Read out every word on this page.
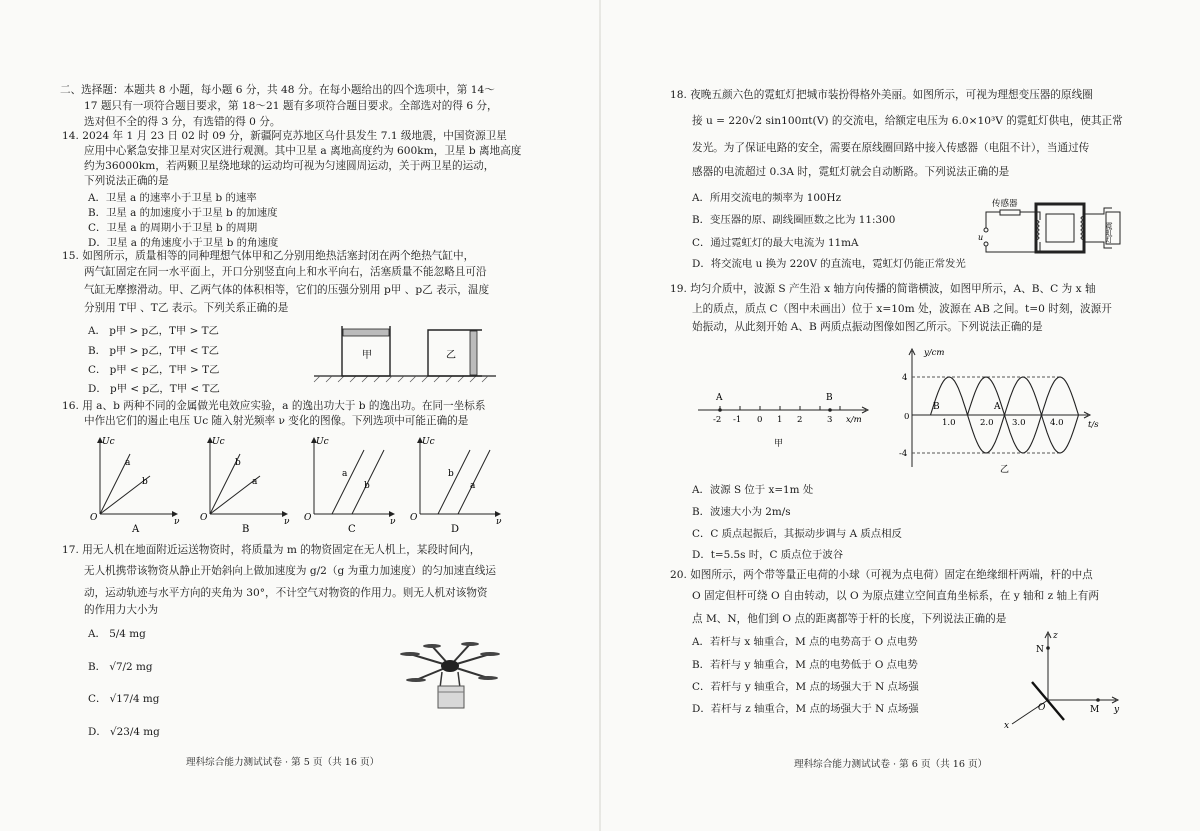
二、选择题：本题共 8 小题，每小题 6 分，共 48 分。在每小题给出的四个选项中，第 14～
17 题只有一项符合题目要求，第 18～21 题有多项符合题目要求。全部选对的得 6 分，
选对但不全的得 3 分，有选错的得 0 分。
14. 2024 年 1 月 23 日 02 时 09 分，新疆阿克苏地区乌什县发生 7.1 级地震，中国资源卫星
应用中心紧急安排卫星对灾区进行观测。其中卫星 a 离地高度约为 600km，卫星 b 离地高度
约为36000km，若两颗卫星绕地球的运动均可视为匀速圆周运动，关于两卫星的运动，
下列说法正确的是
A．卫星 a 的速率小于卫星 b 的速率
B．卫星 a 的加速度小于卫星 b 的加速度
C．卫星 a 的周期小于卫星 b 的周期
D．卫星 a 的角速度小于卫星 b 的角速度
15. 如图所示，质量相等的同种理想气体甲和乙分别用绝热活塞封闭在两个绝热气缸中，
两气缸固定在同一水平面上，开口分别竖直向上和水平向右，活塞质量不能忽略且可沿
气缸无摩擦滑动。甲、乙两气体的体积相等，它们的压强分别用 p甲 、p乙 表示，温度
分别用 T甲 、T乙 表示。下列关系正确的是
A． p甲 > p乙，T甲 > T乙
B． p甲 > p乙，T甲 < T乙
C． p甲 < p乙，T甲 > T乙
D． p甲 < p乙，T甲 < T乙
甲	乙
16. 用 a、b 两种不同的金属做光电效应实验，a 的逸出功大于 b 的逸出功。在同一坐标系
中作出它们的遏止电压 Uc 随入射光频率 ν 变化的图像。下列选项中可能正确的是
Uc
O	ν
a
b
A
Uc
O	ν
b
a
B
Uc
O	ν
a
b
C
Uc
O	ν
b
a
D
17. 用无人机在地面附近运送物资时，将质量为 m 的物资固定在无人机上，某段时间内，
无人机携带该物资从静止开始斜向上做加速度为 g/2（g 为重力加速度）的匀加速直线运
动，运动轨迹与水平方向的夹角为 30°，不计空气对物资的作用力。则无人机对该物资
的作用力大小为
A． 5/4 mg
B． √7/2 mg
C． √17/4 mg
D． √23/4 mg
理科综合能力测试试卷 · 第 5 页（共 16 页）
18. 夜晚五颜六色的霓虹灯把城市装扮得格外美丽。如图所示，可视为理想变压器的原线圈
接 u = 220√2 sin100πt(V) 的交流电，给额定电压为 6.0×10³V 的霓虹灯供电，使其正常
发光。为了保证电路的安全，需要在原线圈回路中接入传感器（电阻不计），当通过传
感器的电流超过 0.3A 时，霓虹灯就会自动断路。下列说法正确的是
A．所用交流电的频率为 100Hz
B．变压器的原、副线圈匝数之比为 11:300
C．通过霓虹灯的最大电流为 11mA
D．将交流电 u 换为 220V 的直流电，霓虹灯仍能正常发光
传感器
u	霓虹灯
19. 均匀介质中，波源 S 产生沿 x 轴方向传播的简谐横波，如图甲所示，A、B、C 为 x 轴
上的质点，质点 C（图中未画出）位于 x=10m 处，波源在 AB 之间。t=0 时刻，波源开
始振动，从此刻开始 A、B 两质点振动图像如图乙所示。下列说法正确的是
A	B
-2 -1 0 1 2	3 x/m
甲
y/cm
t/s
4
0
-4
1.0	2.0 3.0	4.0
B	A
乙
A．波源 S 位于 x=1m 处
B．波速大小为 2m/s
C．C 质点起振后，其振动步调与 A 质点相反
D．t=5.5s 时，C 质点位于波谷
20. 如图所示，两个带等量正电荷的小球（可视为点电荷）固定在绝缘细杆两端，杆的中点
O 固定但杆可绕 O 自由转动，以 O 为原点建立空间直角坐标系，在 y 轴和 z 轴上有两
点 M、N，他们到 O 点的距离都等于杆的长度，下列说法正确的是
A．若杆与 x 轴重合，M 点的电势高于 O 点电势
B．若杆与 y 轴重合，M 点的电势低于 O 点电势
C．若杆与 y 轴重合，M 点的场强大于 N 点场强
D．若杆与 z 轴重合，M 点的场强大于 N 点场强
N
z
O	M y
x
理科综合能力测试试卷 · 第 6 页（共 16 页）
